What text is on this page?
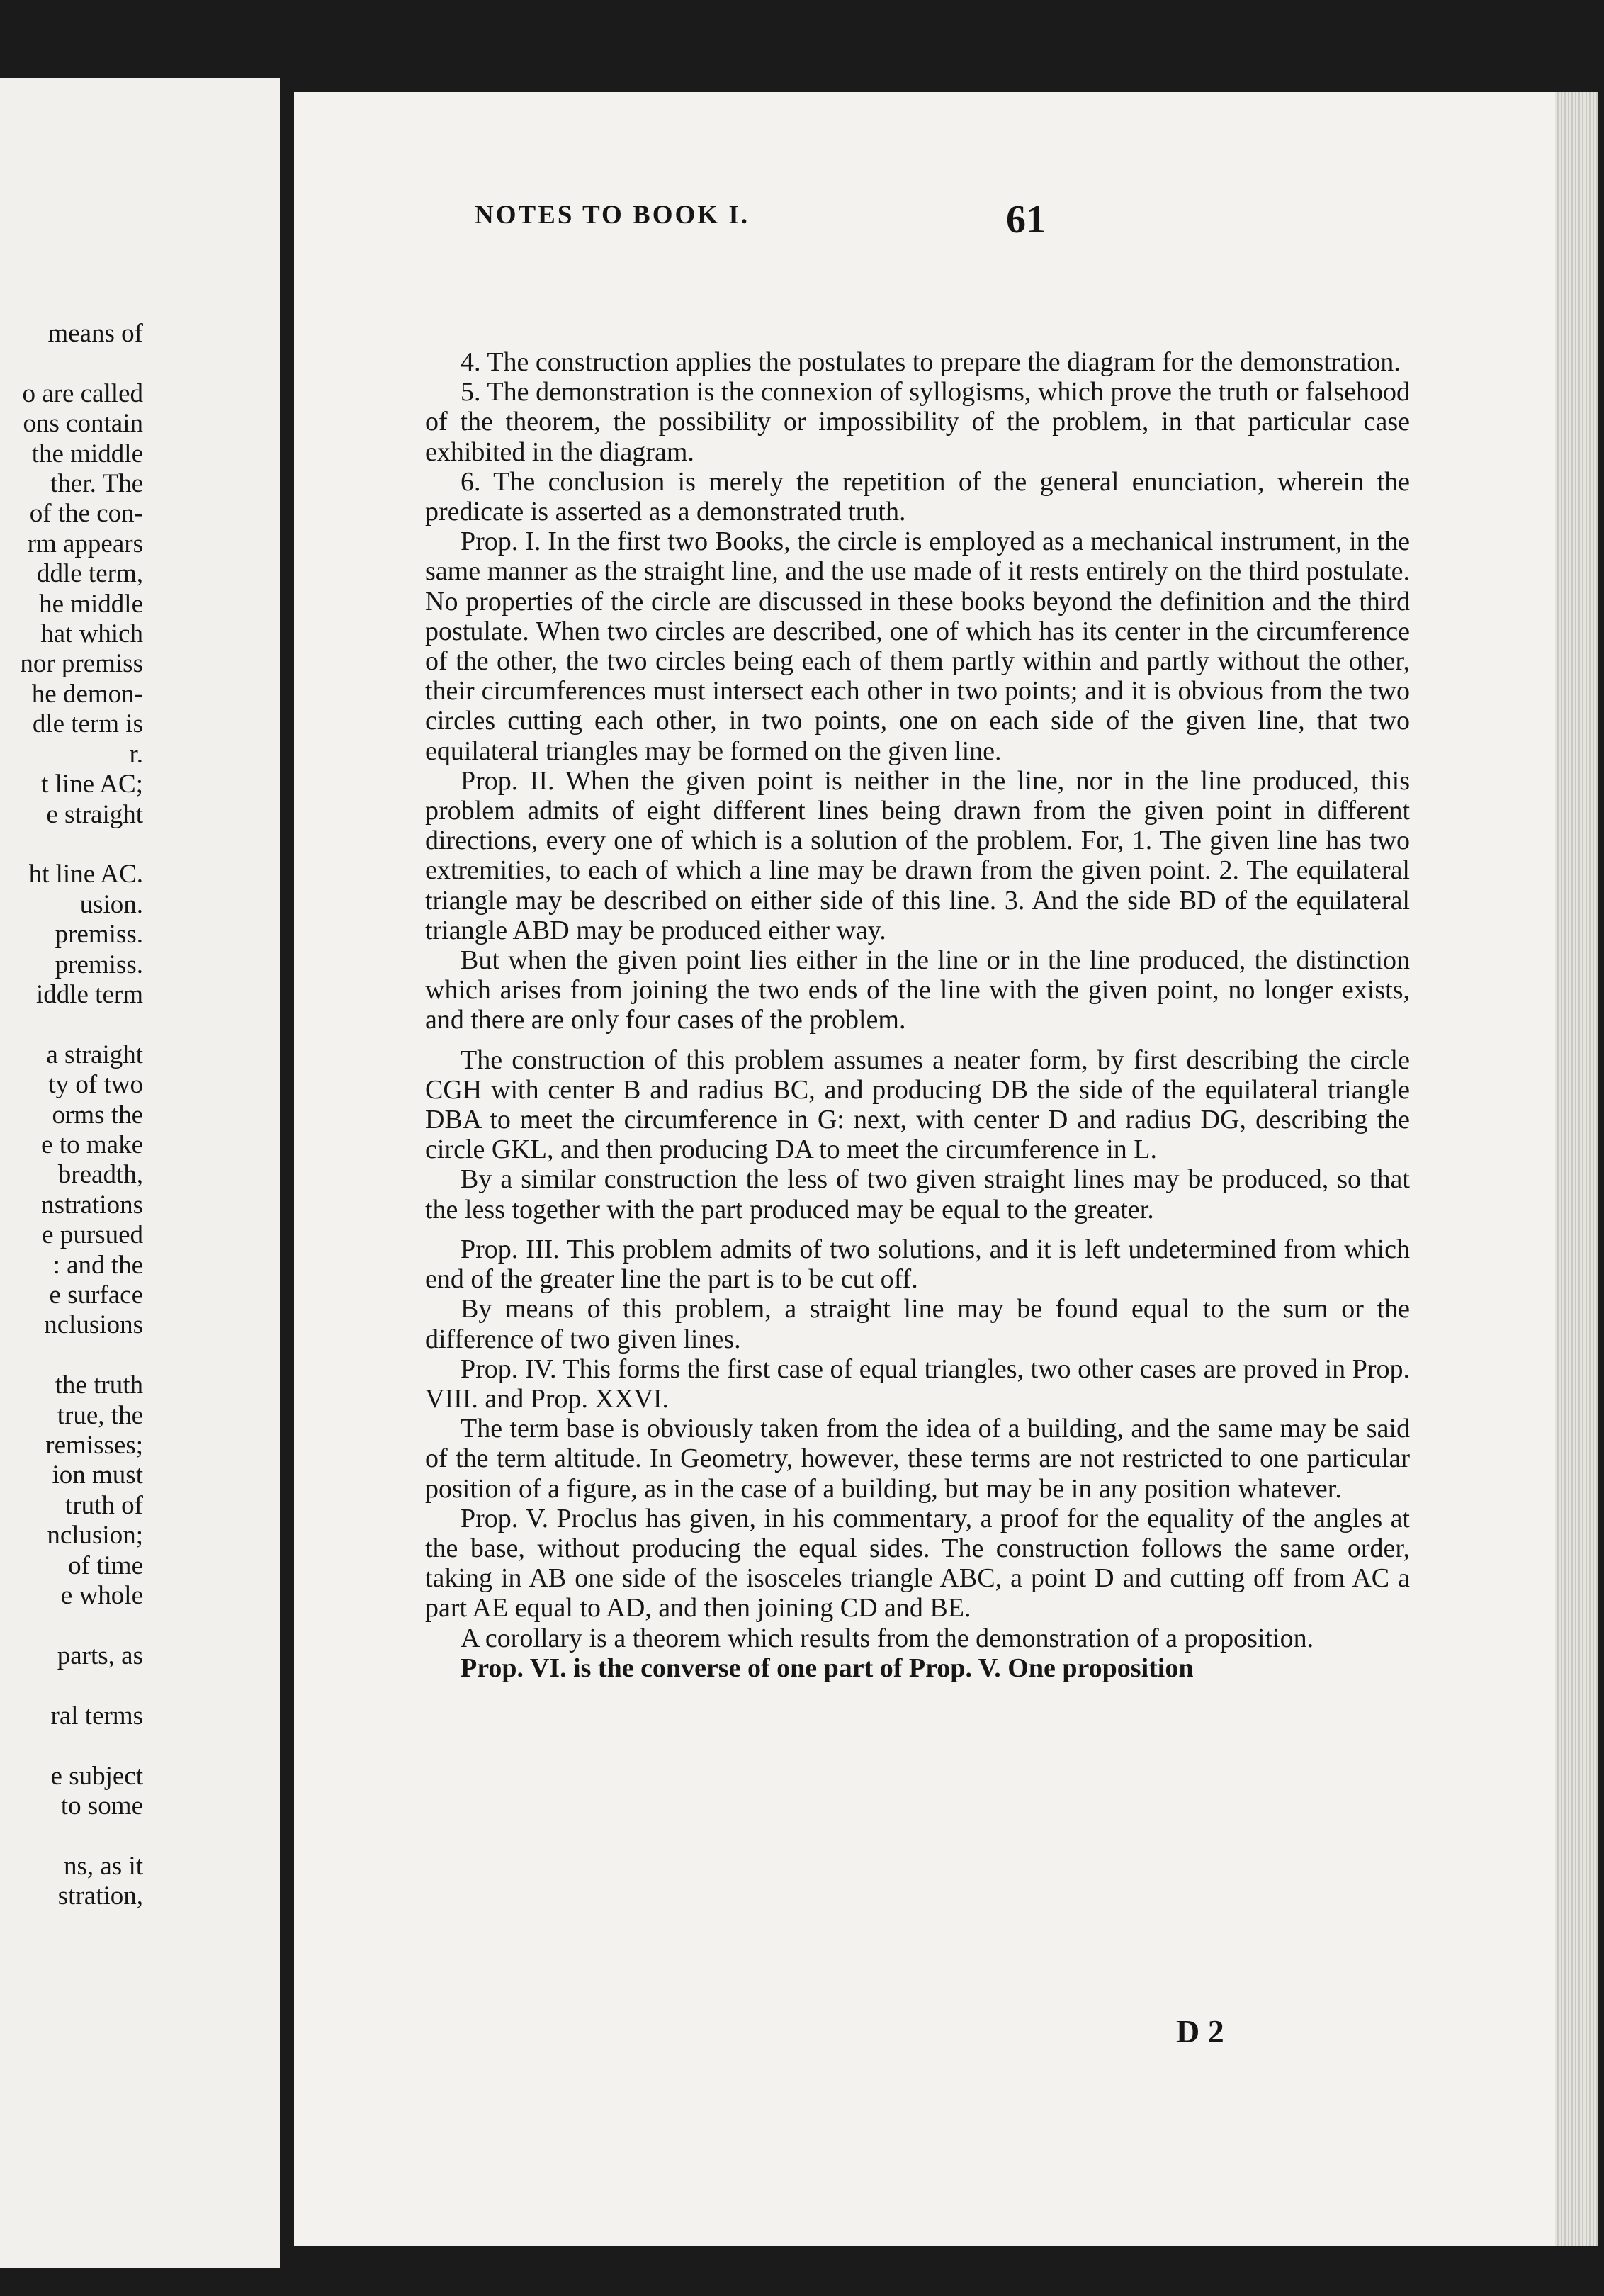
means of

o are called
ons contain
the middle
ther. The
of the con-
rm appears
ddle term,
he middle
hat which
nor premiss
he demon-
dle term is
r.
t line AC;
e straight

ht line AC.
usion.
premiss.
premiss.
iddle term

a straight
ty of two
orms the
e to make
breadth,
nstrations
e pursued
: and the
e surface
nclusions

the truth
true, the
remisses;
ion must
truth of
nclusion;
of time
e whole

parts, as

ral terms

e subject
to some

ns, as it
stration,
NOTES TO BOOK I.	61

4. The construction applies the postulates to prepare the diagram for the demonstration.

5. The demonstration is the connexion of syllogisms, which prove the truth or falsehood of the theorem, the possibility or impossibility of the problem, in that particular case exhibited in the diagram.

6. The conclusion is merely the repetition of the general enunciation, wherein the predicate is asserted as a demonstrated truth.

Prop. I. In the first two Books, the circle is employed as a mechanical instrument, in the same manner as the straight line, and the use made of it rests entirely on the third postulate. No properties of the circle are discussed in these books beyond the definition and the third postulate. When two circles are described, one of which has its center in the circumference of the other, the two circles being each of them partly within and partly without the other, their circumferences must intersect each other in two points; and it is obvious from the two circles cutting each other, in two points, one on each side of the given line, that two equilateral triangles may be formed on the given line.

Prop. II. When the given point is neither in the line, nor in the line produced, this problem admits of eight different lines being drawn from the given point in different directions, every one of which is a solution of the problem. For, 1. The given line has two extremities, to each of which a line may be drawn from the given point. 2. The equilateral triangle may be described on either side of this line. 3. And the side BD of the equilateral triangle ABD may be produced either way.

But when the given point lies either in the line or in the line produced, the distinction which arises from joining the two ends of the line with the given point, no longer exists, and there are only four cases of the problem.

The construction of this problem assumes a neater form, by first describing the circle CGH with center B and radius BC, and producing DB the side of the equilateral triangle DBA to meet the circumference in G: next, with center D and radius DG, describing the circle GKL, and then producing DA to meet the circumference in L.

By a similar construction the less of two given straight lines may be produced, so that the less together with the part produced may be equal to the greater.

Prop. III. This problem admits of two solutions, and it is left undetermined from which end of the greater line the part is to be cut off.

By means of this problem, a straight line may be found equal to the sum or the difference of two given lines.

Prop. IV. This forms the first case of equal triangles, two other cases are proved in Prop. VIII. and Prop. XXVI.

The term base is obviously taken from the idea of a building, and the same may be said of the term altitude. In Geometry, however, these terms are not restricted to one particular position of a figure, as in the case of a building, but may be in any position whatever.

Prop. V. Proclus has given, in his commentary, a proof for the equality of the angles at the base, without producing the equal sides. The construction follows the same order, taking in AB one side of the isosceles triangle ABC, a point D and cutting off from AC a part AE equal to AD, and then joining CD and BE.

A corollary is a theorem which results from the demonstration of a proposition.

Prop. VI. is the converse of one part of Prop. V. One proposition

D 2
